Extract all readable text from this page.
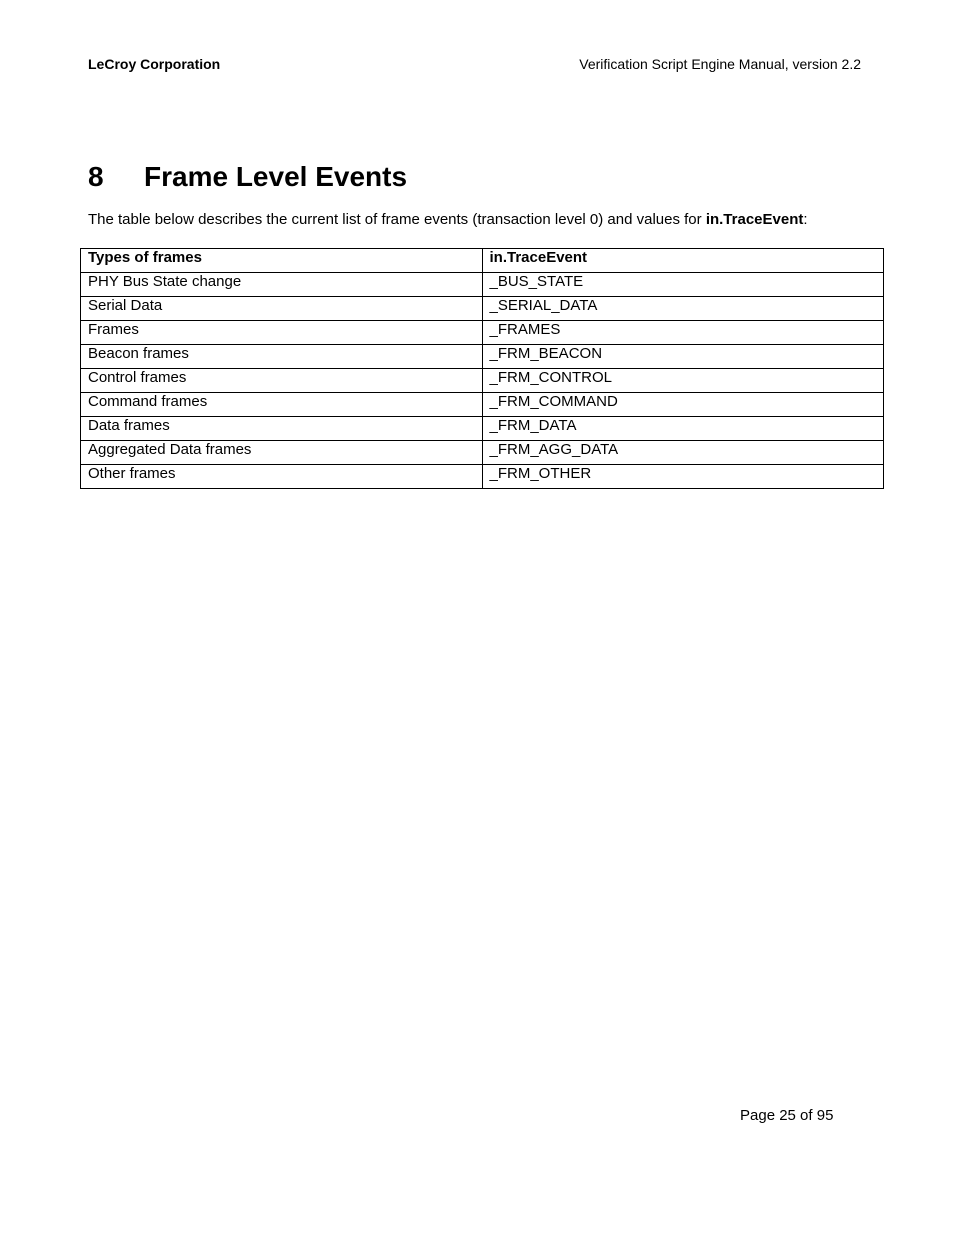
LeCroy Corporation	Verification Script Engine Manual, version 2.2
8 Frame Level Events
The table below describes the current list of frame events (transaction level 0) and values for in.TraceEvent:
Types of frames	in.TraceEvent
PHY Bus State change	_BUS_STATE
Serial Data	_SERIAL_DATA
Frames	_FRAMES
Beacon frames	_FRM_BEACON
Control frames	_FRM_CONTROL
Command frames	_FRM_COMMAND
Data frames	_FRM_DATA
Aggregated Data frames	_FRM_AGG_DATA
Other frames	_FRM_OTHER
Page 25 of 95
